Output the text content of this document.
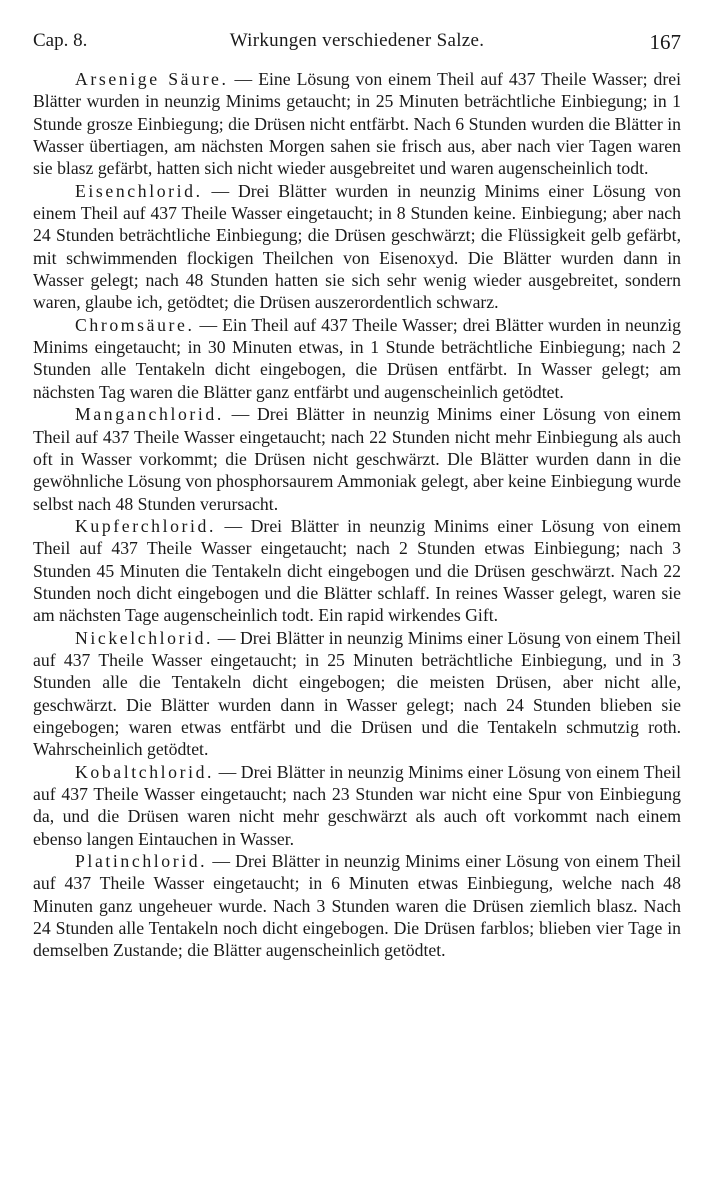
Cap. 8.	Wirkungen verschiedener Salze.	167

Arsenige Säure. — Eine Lösung von einem Theil auf 437 Theile Wasser; drei Blätter wurden in neunzig Minims getaucht; in 25 Minuten beträchtliche Einbiegung; in 1 Stunde grosze Einbiegung; die Drüsen nicht entfärbt. Nach 6 Stunden wurden die Blätter in Wasser übertiagen, am nächsten Morgen sahen sie frisch aus, aber nach vier Tagen waren sie blasz gefärbt, hatten sich nicht wieder ausgebreitet und waren augenscheinlich todt.

Eisenchlorid. — Drei Blätter wurden in neunzig Minims einer Lösung von einem Theil auf 437 Theile Wasser eingetaucht; in 8 Stunden keine. Einbiegung; aber nach 24 Stunden beträchtliche Einbiegung; die Drüsen geschwärzt; die Flüssigkeit gelb gefärbt, mit schwimmenden flockigen Theilchen von Eisenoxyd. Die Blätter wurden dann in Wasser gelegt; nach 48 Stunden hatten sie sich sehr wenig wieder ausgebreitet, sondern waren, glaube ich, getödtet; die Drüsen auszerordentlich schwarz.

Chromsäure. — Ein Theil auf 437 Theile Wasser; drei Blätter wurden in neunzig Minims eingetaucht; in 30 Minuten etwas, in 1 Stunde beträchtliche Einbiegung; nach 2 Stunden alle Tentakeln dicht eingebogen, die Drüsen entfärbt. In Wasser gelegt; am nächsten Tag waren die Blätter ganz entfärbt und augenscheinlich getödtet.

Manganchlorid. — Drei Blätter in neunzig Minims einer Lösung von einem Theil auf 437 Theile Wasser eingetaucht; nach 22 Stunden nicht mehr Einbiegung als auch oft in Wasser vorkommt; die Drüsen nicht geschwärzt. Dle Blätter wurden dann in die gewöhnliche Lösung von phosphorsaurem Ammoniak gelegt, aber keine Einbiegung wurde selbst nach 48 Stunden verursacht.

Kupferchlorid. — Drei Blätter in neunzig Minims einer Lösung von einem Theil auf 437 Theile Wasser eingetaucht; nach 2 Stunden etwas Einbiegung; nach 3 Stunden 45 Minuten die Tentakeln dicht eingebogen und die Drüsen geschwärzt. Nach 22 Stunden noch dicht eingebogen und die Blätter schlaff. In reines Wasser gelegt, waren sie am nächsten Tage augenscheinlich todt. Ein rapid wirkendes Gift.

Nickelchlorid. — Drei Blätter in neunzig Minims einer Lösung von einem Theil auf 437 Theile Wasser eingetaucht; in 25 Minuten beträchtliche Einbiegung, und in 3 Stunden alle die Tentakeln dicht eingebogen; die meisten Drüsen, aber nicht alle, geschwärzt. Die Blätter wurden dann in Wasser gelegt; nach 24 Stunden blieben sie eingebogen; waren etwas entfärbt und die Drüsen und die Tentakeln schmutzig roth. Wahrscheinlich getödtet.

Kobaltchlorid. — Drei Blätter in neunzig Minims einer Lösung von einem Theil auf 437 Theile Wasser eingetaucht; nach 23 Stunden war nicht eine Spur von Einbiegung da, und die Drüsen waren nicht mehr geschwärzt als auch oft vorkommt nach einem ebenso langen Eintauchen in Wasser.

Platinchlorid. — Drei Blätter in neunzig Minims einer Lösung von einem Theil auf 437 Theile Wasser eingetaucht; in 6 Minuten etwas Einbiegung, welche nach 48 Minuten ganz ungeheuer wurde. Nach 3 Stunden waren die Drüsen ziemlich blasz. Nach 24 Stunden alle Tentakeln noch dicht eingebogen. Die Drüsen farblos; blieben vier Tage in demselben Zustande; die Blätter augenscheinlich getödtet.
